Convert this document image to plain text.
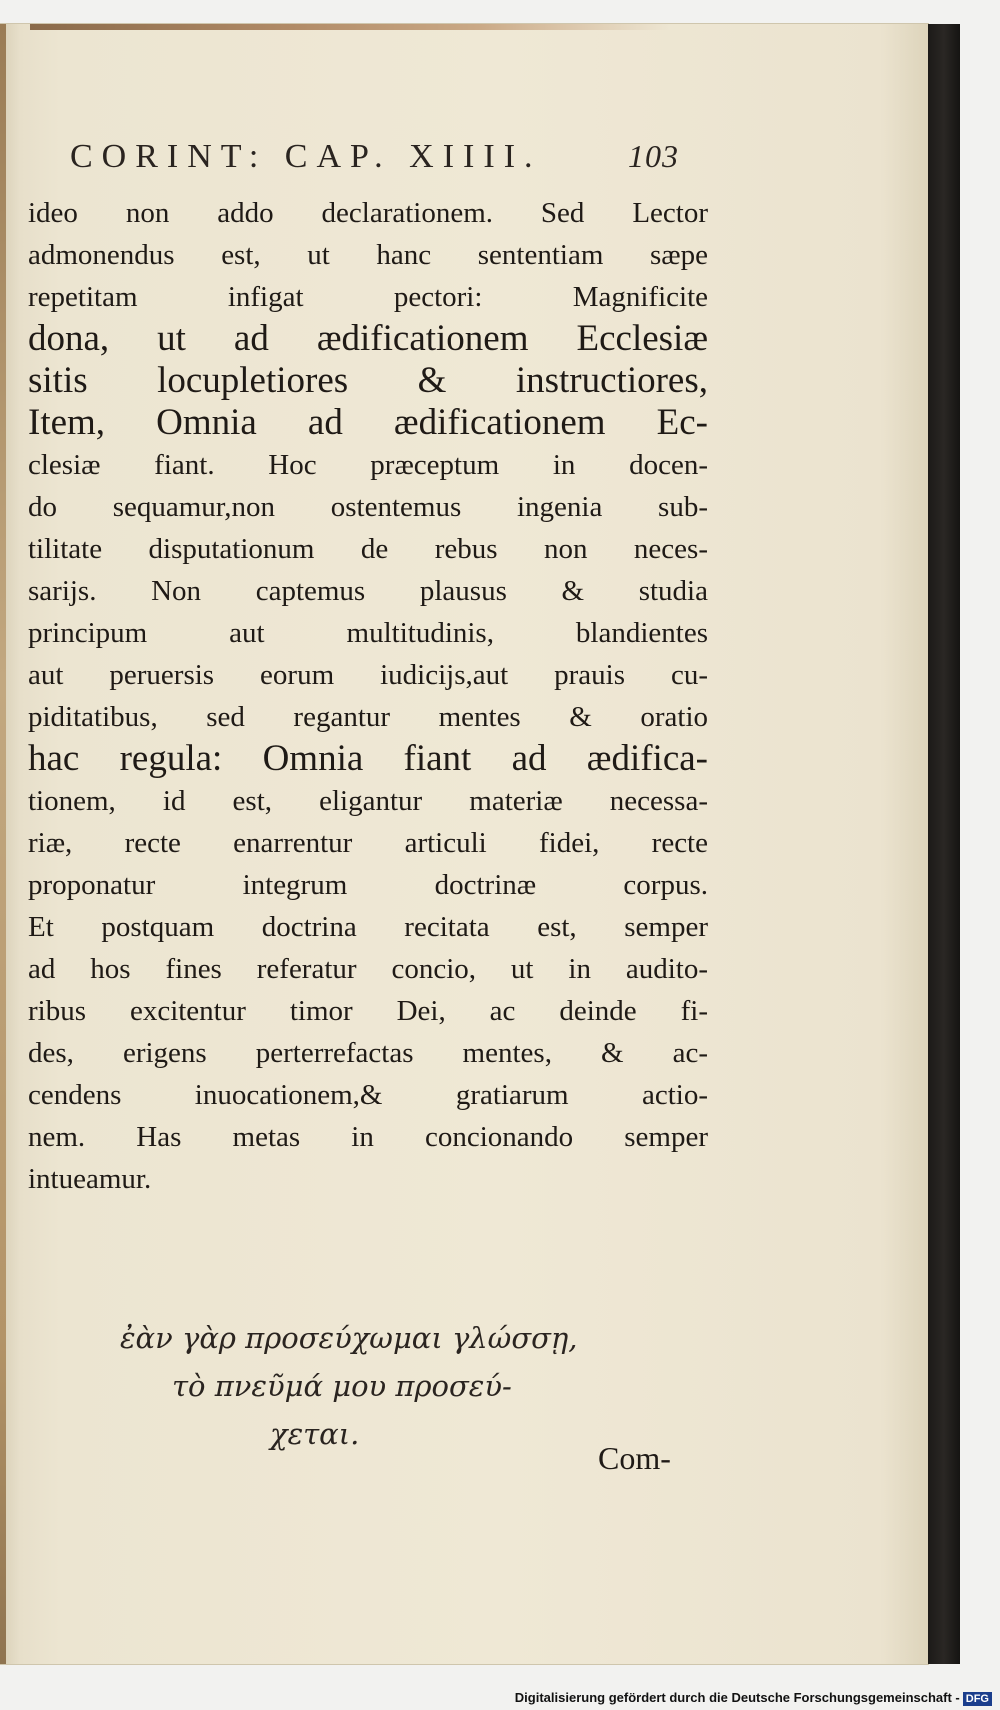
CORINT: CAP. XIIII.	103
ideo non addo declarationem. Sed Lector
admonendus est, ut hanc sententiam sæpe
repetitam infigat pectori: Magnificite
dona, ut ad ædificationem Ecclesiæ
sitis locupletiores & instructiores,
Item, Omnia ad ædificationem Ec-
clesiæ fiant. Hoc præceptum in docen-
do sequamur,non ostentemus ingenia sub-
tilitate disputationum de rebus non neces-
sarijs. Non captemus plausus & studia
principum aut multitudinis, blandientes
aut peruersis eorum iudicijs,aut prauis cu-
piditatibus, sed regantur mentes & oratio
hac regula: Omnia fiant ad ædifica-
tionem, id est, eligantur materiæ necessa-
riæ, recte enarrentur articuli fidei, recte
proponatur integrum doctrinæ corpus.
Et postquam doctrina recitata est, semper
ad hos fines referatur concio, ut in audito-
ribus excitentur timor Dei, ac deinde fi-
des, erigens perterrefactas mentes, & ac-
cendens inuocationem,& gratiarum actio-
nem. Has metas in concionando semper
intueamur.
ἐὰν γὰρ προσεύχωμαι γλώσσῃ,
τὸ πνεῦμά μου προσεύ-
χεται.
Com-
Digitalisierung gefördert durch die Deutsche Forschungsgemeinschaft - DFG
